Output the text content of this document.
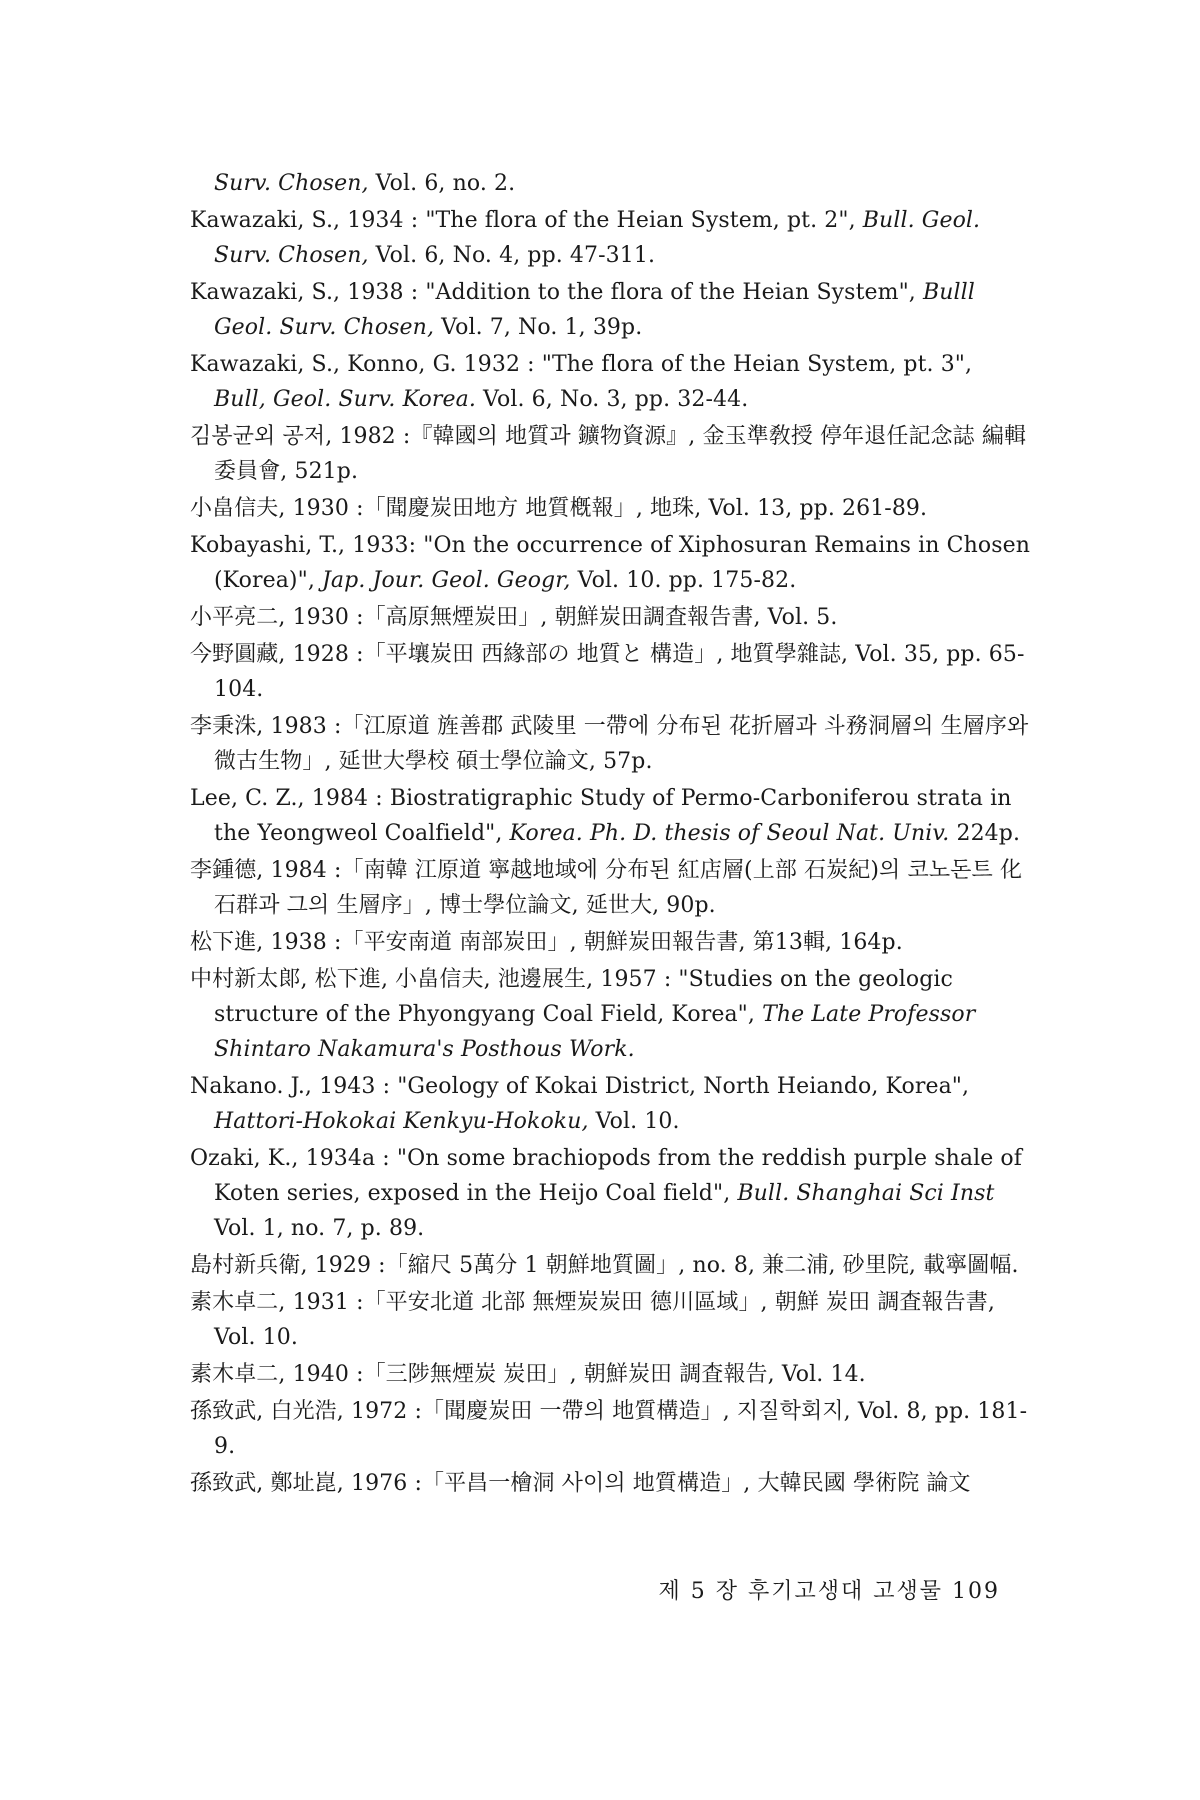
Surv. Chosen, Vol. 6, no. 2.

Kawazaki, S., 1934 : "The flora of the Heian System, pt. 2", Bull. Geol. Surv. Chosen, Vol. 6, No. 4, pp. 47-311.

Kawazaki, S., 1938 : "Addition to the flora of the Heian System", Bulll Geol. Surv. Chosen, Vol. 7, No. 1, 39p.

Kawazaki, S., Konno, G. 1932 : "The flora of the Heian System, pt. 3", Bull, Geol. Surv. Korea. Vol. 6, No. 3, pp. 32-44.

김봉균외 공저, 1982 :『韓國의 地質과 鑛物資源』, 金玉準敎授 停年退任記念誌 編輯委員會, 521p.

小畠信夫, 1930 :「聞慶炭田地方 地質槪報」, 地珠, Vol. 13, pp. 261-89.

Kobayashi, T., 1933: "On the occurrence of Xiphosuran Remains in Chosen (Korea)", Jap. Jour. Geol. Geogr, Vol. 10. pp. 175-82.

小平亮二, 1930 :「高原無煙炭田」, 朝鮮炭田調査報告書, Vol. 5.

今野圓藏, 1928 :「平壤炭田 西緣部の 地質と 構造」, 地質學雜誌, Vol. 35, pp. 65-104.

李秉洙, 1983 :「江原道 旌善郡 武陵里 一帶에 分布된 花折層과 斗務洞層의 生層序와 微古生物」, 延世大學校 碩士學位論文, 57p.

Lee, C. Z., 1984 : Biostratigraphic Study of Permo-Carboniferou strata in the Yeongweol Coalfield", Korea. Ph. D. thesis of Seoul Nat. Univ. 224p.

李鍾德, 1984 :「南韓 江原道 寧越地域에 分布된 紅店層(上部 石炭紀)의 코노돈트 化石群과 그의 生層序」, 博士學位論文, 延世大, 90p.

松下進, 1938 :「平安南道 南部炭田」, 朝鮮炭田報告書, 第13輯, 164p.

中村新太郞, 松下進, 小畠信夫, 池邊展生, 1957 : "Studies on the geologic structure of the Phyongyang Coal Field, Korea", The Late Professor Shintaro Nakamura's Posthous Work.

Nakano. J., 1943 : "Geology of Kokai District, North Heiando, Korea", Hattori-Hokokai Kenkyu-Hokoku, Vol. 10.

Ozaki, K., 1934a : "On some brachiopods from the reddish purple shale of Koten series, exposed in the Heijo Coal field", Bull. Shanghai Sci Inst Vol. 1, no. 7, p. 89.

島村新兵衛, 1929 :「縮尺 5萬分 1 朝鮮地質圖」, no. 8, 兼二浦, 砂里院, 載寧圖幅.

素木卓二, 1931 :「平安北道 北部 無煙炭炭田 德川區域」, 朝鮮 炭田 調査報告書, Vol. 10.

素木卓二, 1940 :「三陟無煙炭 炭田」, 朝鮮炭田 調査報告, Vol. 14.

孫致武, 白光浩, 1972 :「聞慶炭田 一帶의 地質構造」, 지질학회지, Vol. 8, pp. 181-9.

孫致武, 鄭址崑, 1976 :「平昌一檜洞 사이의 地質構造」, 大韓民國 學術院 論文

제 5 장 후기고생대 고생물 109
